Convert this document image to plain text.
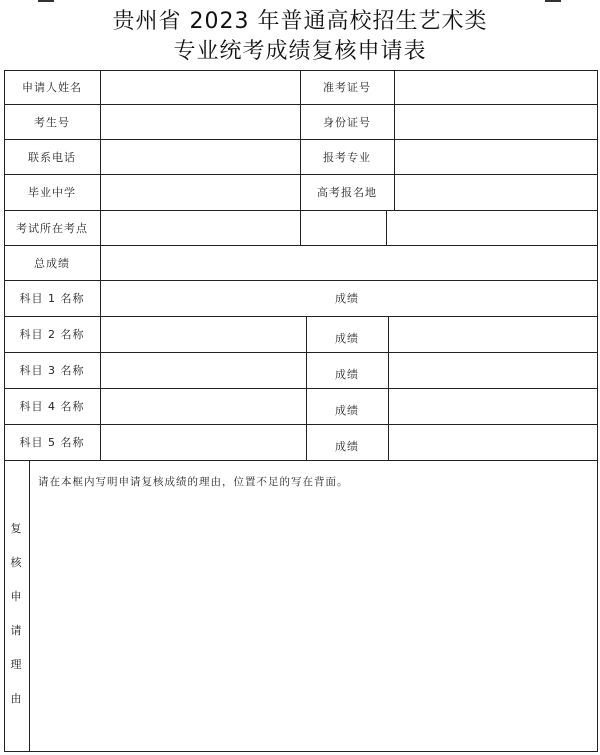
贵州省 2023 年普通高校招生艺术类
专业统考成绩复核申请表
申请人姓名	准考证号
考生号	身份证号
联系电话	报考专业
毕业中学	高考报名地
考试所在考点
总成绩
科目 1 名称	成绩
科目 2 名称	成绩
科目 3 名称	成绩
科目 4 名称	成绩
科目 5 名称	成绩
复
核
申
请
理
由
请在本框内写明申请复核成绩的理由，位置不足的写在背面。
